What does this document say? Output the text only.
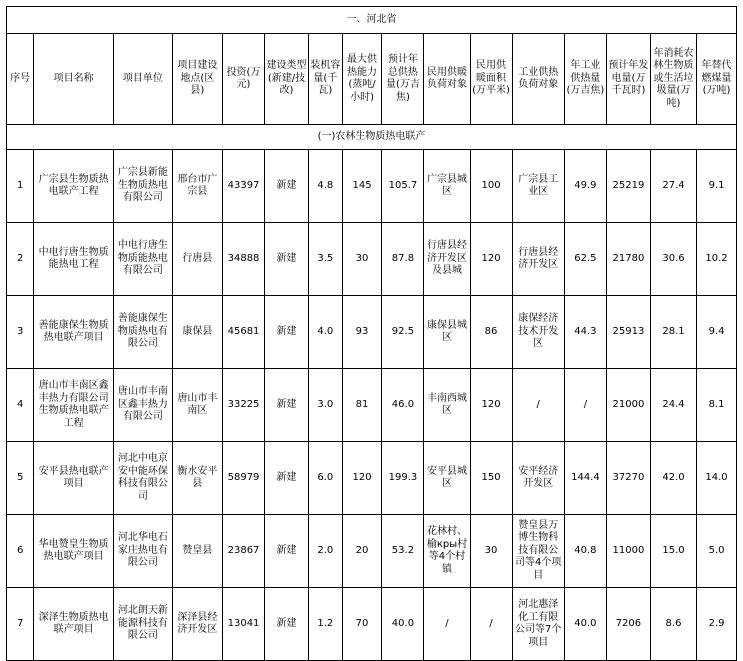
一、河北省															
序号	项目名称	项目单位	项目建设地点(区县)	投资(万元)	建设类型(新建/技改)	装机容量(千瓦)	最大供热能力(蒸吨/小时)	预计年总供热量(万吉焦)	民用供暖负荷对象	民用供暖面积(万平米)	工业供热负荷对象	年工业供热量(万吉焦)	预计年发电量(万千瓦时)	年消耗农林生物质或生活垃圾量(万吨)	年替代燃煤量(万吨)
(一)农林生物质热电联产															
1	广宗县生物质热电联产工程	广宗县新能生物质热电有限公司	邢台市广宗县	43397	新建	4.8	145	105.7	广宗县城区	100	广宗县工业区	49.9	25219	27.4	9.1
2	中电行唐生物质能热电工程	中电行唐生物质能热电有限公司	行唐县	34888	新建	3.5	30	87.8	行唐县经济开发区及县城	120	行唐县经济开发区	62.5	21780	30.6	10.2
3	善能康保生物质热电联产项目	善能康保生物质热电有限公司	康保县	45681	新建	4.0	93	92.5	康保县城区	86	康保经济技术开发区	44.3	25913	28.1	9.4
4	唐山市丰南区鑫丰热力有限公司生物质热电联产工程	唐山市丰南区鑫丰热力有限公司	唐山市丰南区	33225	新建	3.0	81	46.0	丰南西城区	120	/	/	21000	24.4	8.1
5	安平县热电联产项目	河北中电京安中能环保科技有限公司	衡水安平县	58979	新建	6.0	120	199.3	安平县城区	150	安平经济开发区	144.4	37270	42.0	14.0
6	华电赞皇生物质热电联产项目	河北华电石家庄热电有限公司	赞皇县	23867	新建	2.0	20	53.2	花林村、榆кры村等4个村镇	30	赞皇县万博生物科技有限公司等4个项目	40.8	11000	15.0	5.0
7	深泽生物质热电联产项目	河北朗天新能源科技有限公司	深泽县经济开发区	13041	新建	1.2	70	40.0	/	/	河北惠泽化工有限公司等7个项目	40.0	7206	8.6	2.9
